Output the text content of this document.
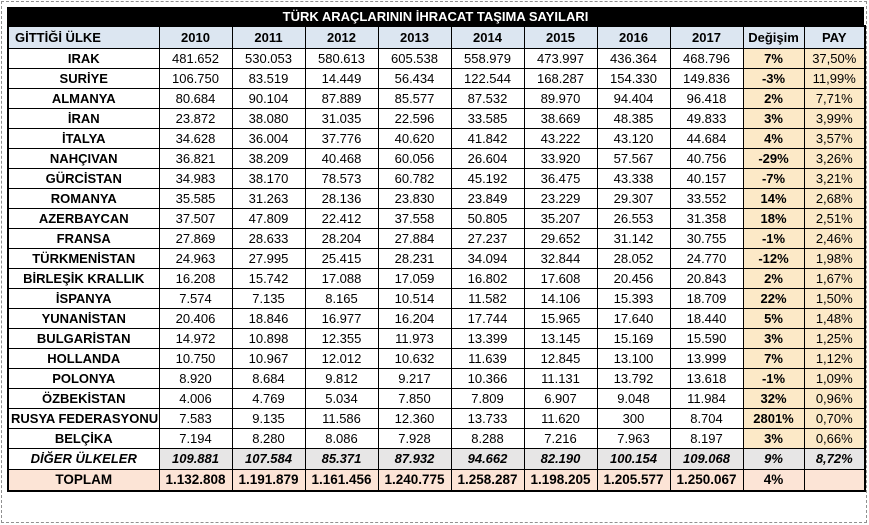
TÜRK ARAÇLARININ İHRACAT TAŞIMA SAYILARI
GİTTİĞİ ÜLKE	2010	2011	2012	2013	2014	2015	2016	2017	Değişim	PAY
IRAK	481.652	530.053	580.613	605.538	558.979	473.997	436.364	468.796	7%	37,50%
SURİYE	106.750	83.519	14.449	56.434	122.544	168.287	154.330	149.836	-3%	11,99%
ALMANYA	80.684	90.104	87.889	85.577	87.532	89.970	94.404	96.418	2%	7,71%
İRAN	23.872	38.080	31.035	22.596	33.585	38.669	48.385	49.833	3%	3,99%
İTALYA	34.628	36.004	37.776	40.620	41.842	43.222	43.120	44.684	4%	3,57%
NAHÇIVAN	36.821	38.209	40.468	60.056	26.604	33.920	57.567	40.756	-29%	3,26%
GÜRCİSTAN	34.983	38.170	78.573	60.782	45.192	36.475	43.338	40.157	-7%	3,21%
ROMANYA	35.585	31.263	28.136	23.830	23.849	23.229	29.307	33.552	14%	2,68%
AZERBAYCAN	37.507	47.809	22.412	37.558	50.805	35.207	26.553	31.358	18%	2,51%
FRANSA	27.869	28.633	28.204	27.884	27.237	29.652	31.142	30.755	-1%	2,46%
TÜRKMENİSTAN	24.963	27.995	25.415	28.231	34.094	32.844	28.052	24.770	-12%	1,98%
BİRLEŞİK KRALLIK	16.208	15.742	17.088	17.059	16.802	17.608	20.456	20.843	2%	1,67%
İSPANYA	7.574	7.135	8.165	10.514	11.582	14.106	15.393	18.709	22%	1,50%
YUNANİSTAN	20.406	18.846	16.977	16.204	17.744	15.965	17.640	18.440	5%	1,48%
BULGARİSTAN	14.972	10.898	12.355	11.973	13.399	13.145	15.169	15.590	3%	1,25%
HOLLANDA	10.750	10.967	12.012	10.632	11.639	12.845	13.100	13.999	7%	1,12%
POLONYA	8.920	8.684	9.812	9.217	10.366	11.131	13.792	13.618	-1%	1,09%
ÖZBEKİSTAN	4.006	4.769	5.034	7.850	7.809	6.907	9.048	11.984	32%	0,96%
RUSYA FEDERASYONU	7.583	9.135	11.586	12.360	13.733	11.620	300	8.704	2801%	0,70%
BELÇİKA	7.194	8.280	8.086	7.928	8.288	7.216	7.963	8.197	3%	0,66%
DİĞER ÜLKELER	109.881	107.584	85.371	87.932	94.662	82.190	100.154	109.068	9%	8,72%
TOPLAM	1.132.808	1.191.879	1.161.456	1.240.775	1.258.287	1.198.205	1.205.577	1.250.067	4%	
